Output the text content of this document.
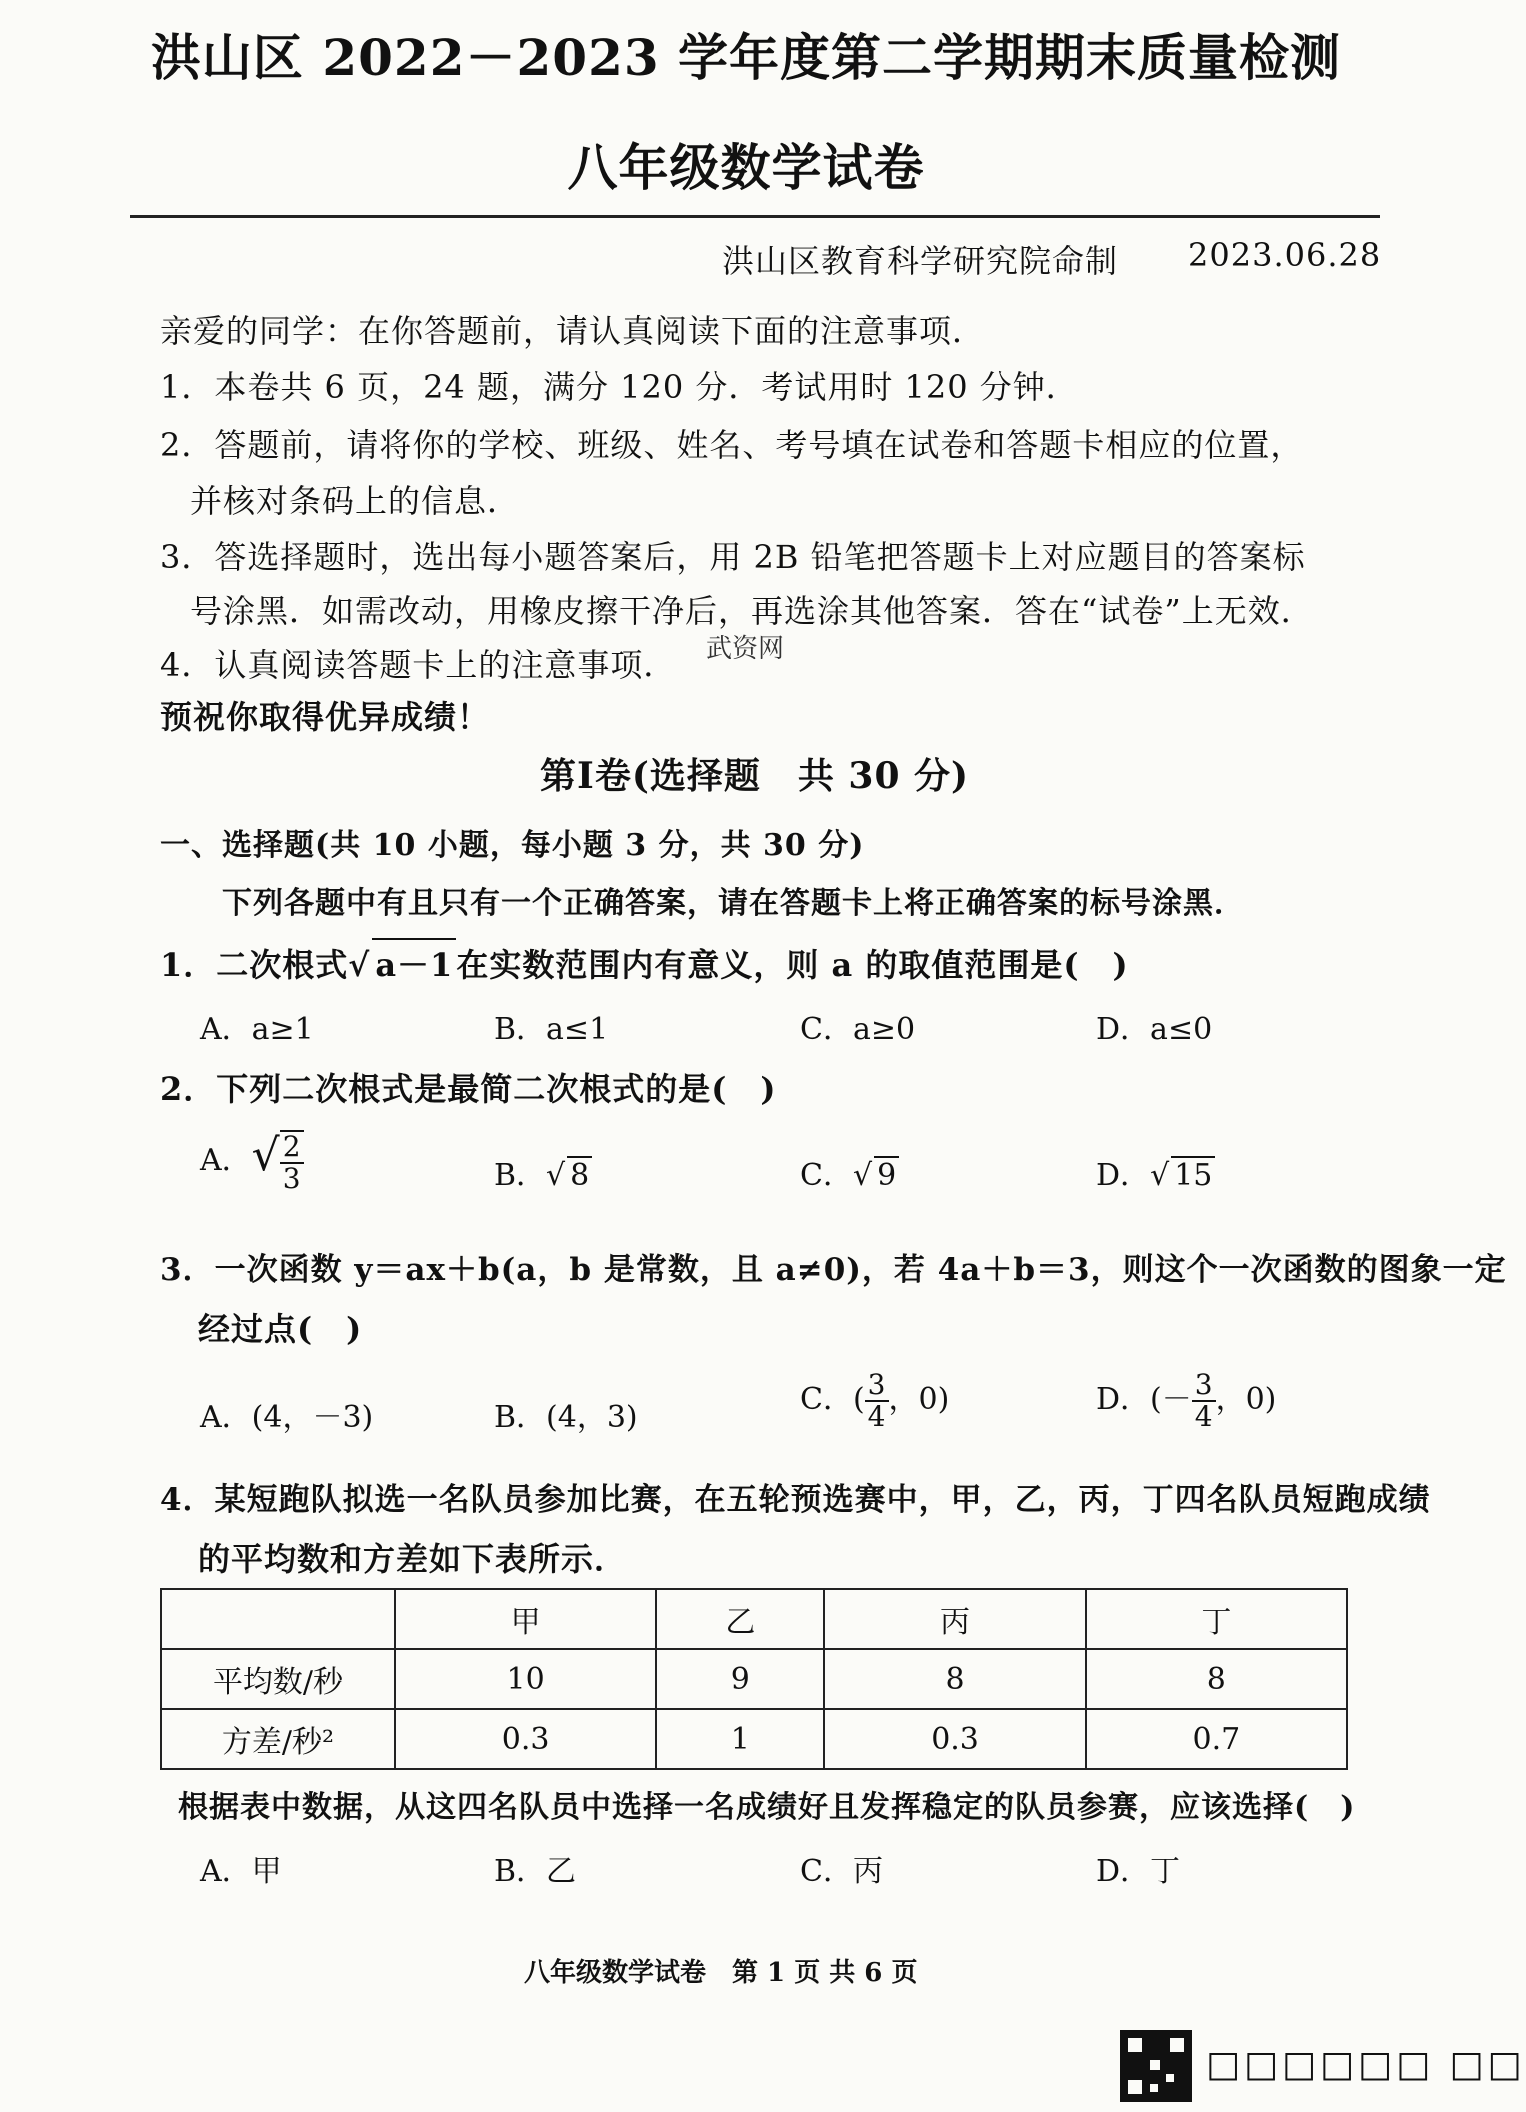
洪山区 2022－2023 学年度第二学期期末质量检测
八年级数学试卷
洪山区教育科学研究院命制 2023.06.28
亲爱的同学：在你答题前，请认真阅读下面的注意事项．
1．本卷共 6 页，24 题，满分 120 分．考试用时 120 分钟．
2．答题前，请将你的学校、班级、姓名、考号填在试卷和答题卡相应的位置，
并核对条码上的信息．
3．答选择题时，选出每小题答案后，用 2B 铅笔把答题卡上对应题目的答案标
号涂黑．如需改动，用橡皮擦干净后，再选涂其他答案．答在“试卷”上无效．
4．认真阅读答题卡上的注意事项． 武资网
预祝你取得优异成绩！
第Ⅰ卷(选择题　共 30 分)
一、选择题(共 10 小题，每小题 3 分，共 30 分)
下列各题中有且只有一个正确答案，请在答题卡上将正确答案的标号涂黑．
1．二次根式√ a－1在实数范围内有意义，则 a 的取值范围是(　)
A．a≥1	B．a≤1	C．a≥0	D．a≤0
2．下列二次根式是最简二次根式的是(　)
A．√ $\frac{2}{3}$	B．√ 8	C．√ 9	D．√ 15
3．一次函数 y＝ax＋b(a，b 是常数，且 a≠0)，若 4a＋b＝3，则这个一次函数的图象一定
经过点(　)
A．(4，－3)	B．(4，3)
C．( $\frac{3}{4}$ ，0)	D．(－ $\frac{3}{4}$ ，0)
4．某短跑队拟选一名队员参加比赛，在五轮预选赛中，甲，乙，丙，丁四名队员短跑成绩
的平均数和方差如下表所示．
	甲	乙	丙	丁
平均数/秒	10	9	8	8
方差/秒²	0.3	1	0.3	0.7
根据表中数据，从这四名队员中选择一名成绩好且发挥稳定的队员参赛，应该选择(　)
A．甲	B．乙	C．丙	D．丁
八年级数学试卷　第 1 页 共 6 页
□□□□□□ □□
